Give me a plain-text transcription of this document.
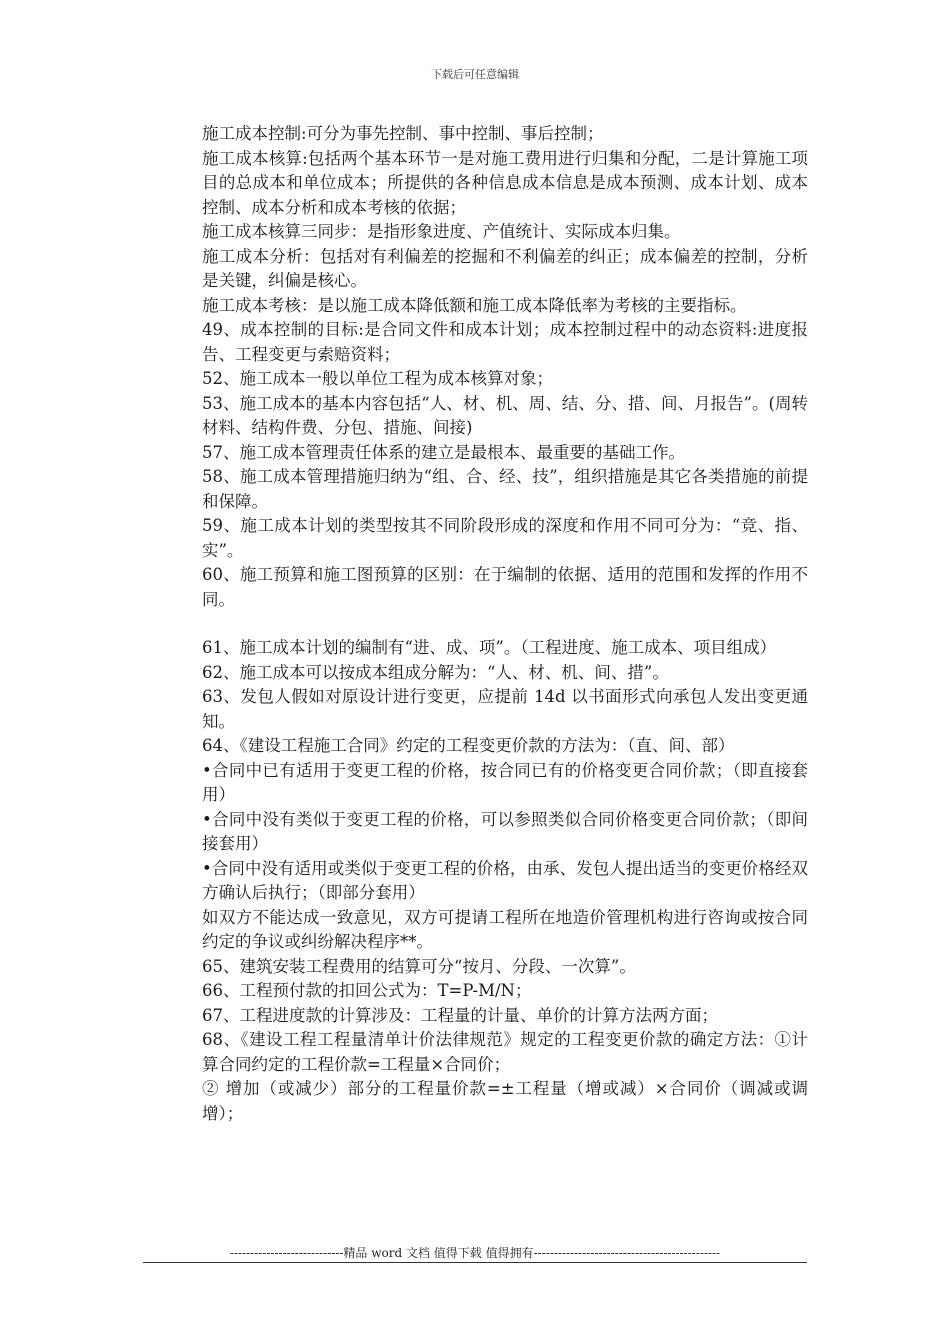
下载后可任意编辑

施工成本控制:可分为事先控制、事中控制、事后控制；

施工成本核算:包括两个基本环节一是对施工费用进行归集和分配，二是计算施工项目的总成本和单位成本；所提供的各种信息成本信息是成本预测、成本计划、成本控制、成本分析和成本考核的依据；

施工成本核算三同步：是指形象进度、产值统计、实际成本归集。

施工成本分析：包括对有利偏差的挖掘和不利偏差的纠正；成本偏差的控制，分析是关键，纠偏是核心。

施工成本考核：是以施工成本降低额和施工成本降低率为考核的主要指标。

49、成本控制的目标:是合同文件和成本计划；成本控制过程中的动态资料:进度报告、工程变更与索赔资料；

52、施工成本一般以单位工程为成本核算对象；

53、施工成本的基本内容包括“人、材、机、周、结、分、措、间、月报告”。(周转材料、结构件费、分包、措施、间接)

57、施工成本管理责任体系的建立是最根本、最重要的基础工作。

58、施工成本管理措施归纳为“组、合、经、技”，组织措施是其它各类措施的前提和保障。

59、施工成本计划的类型按其不同阶段形成的深度和作用不同可分为：“竞、指、实”。

60、施工预算和施工图预算的区别：在于编制的依据、适用的范围和发挥的作用不同。

61、施工成本计划的编制有“进、成、项”。（工程进度、施工成本、项目组成）

62、施工成本可以按成本组成分解为：“人、材、机、间、措”。

63、发包人假如对原设计进行变更，应提前 14d 以书面形式向承包人发出变更通知。

64、《建设工程施工合同》约定的工程变更价款的方法为：（直、间、部）

•合同中已有适用于变更工程的价格，按合同已有的价格变更合同价款；（即直接套用）

•合同中没有类似于变更工程的价格，可以参照类似合同价格变更合同价款；（即间接套用）

•合同中没有适用或类似于变更工程的价格，由承、发包人提出适当的变更价格经双方确认后执行；（即部分套用）

如双方不能达成一致意见，双方可提请工程所在地造价管理机构进行咨询或按合同约定的争议或纠纷解决程序**。

65、建筑安装工程费用的结算可分“按月、分段、一次算”。

66、工程预付款的扣回公式为：T=P-M/N；

67、工程进度款的计算涉及：工程量的计量、单价的计算方法两方面；

68、《建设工程工程量清单计价法律规范》规定的工程变更价款的确定方法：①计算合同约定的工程价款=工程量×合同价；

② 增加（或减少）部分的工程量价款=±工程量（增或减）×合同价（调减或调增）；

----------------------------精品 word 文档 值得下载 值得拥有----------------------------------------------
